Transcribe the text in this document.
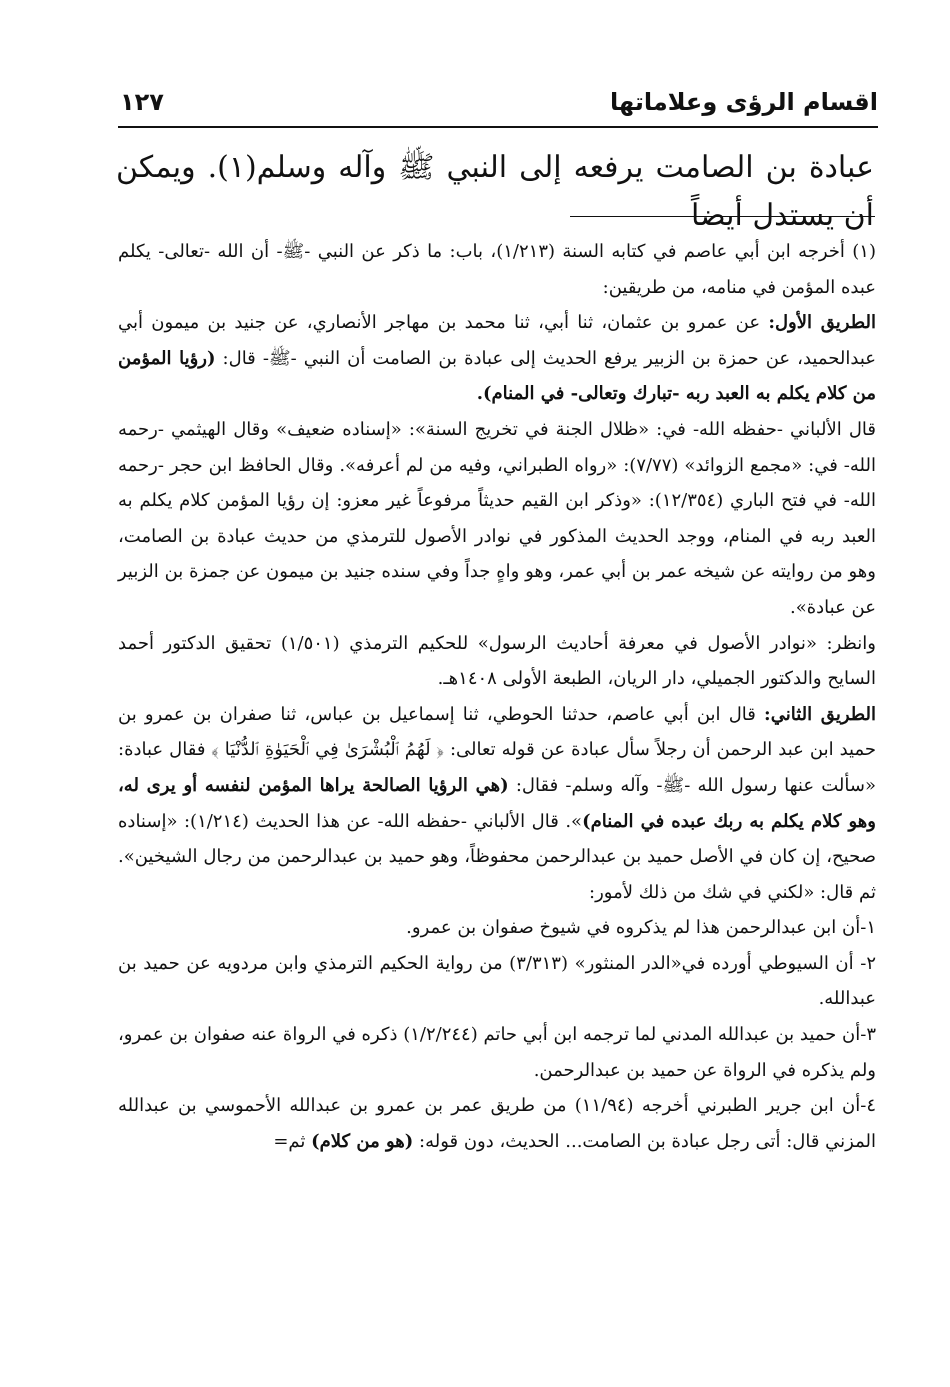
اقسام الرؤى وعلاماتها
١٢٧
عبادة بن الصامت يرفعه إلى النبي ﷺ وآله وسلم(١). ويمكن أن يستدل أيضاً

(١) أخرجه ابن أبي عاصم في كتابه السنة (١/٢١٣)، باب: ما ذكر عن النبي -ﷺ- أن الله -تعالى- يكلم عبده المؤمن في منامه، من طريقين:

الطريق الأول: عن عمرو بن عثمان، ثنا أبي، ثنا محمد بن مهاجر الأنصاري، عن جنيد بن ميمون أبي عبدالحميد، عن حمزة بن الزبير يرفع الحديث إلى عبادة بن الصامت أن النبي -ﷺ- قال: (رؤيا المؤمن من كلام يكلم به العبد ربه -تبارك وتعالى- في المنام).

قال الألباني -حفظه الله- في: «ظلال الجنة في تخريج السنة»: «إسناده ضعيف» وقال الهيثمي -رحمه الله- في: «مجمع الزوائد» (٧/٧٧): «رواه الطبراني، وفيه من لم أعرفه». وقال الحافظ ابن حجر -رحمه الله- في فتح الباري (١٢/٣٥٤): «وذكر ابن القيم حديثاً مرفوعاً غير معزو: إن رؤيا المؤمن كلام يكلم به العبد ربه في المنام، ووجد الحديث المذكور في نوادر الأصول للترمذي من حديث عبادة بن الصامت، وهو من روايته عن شيخه عمر بن أبي عمر، وهو واهٍ جداً وفي سنده جنيد بن ميمون عن جمزة بن الزبير عن عبادة».

وانظر: «نوادر الأصول في معرفة أحاديث الرسول» للحكيم الترمذي (١/٥٠١) تحقيق الدكتور أحمد السايح والدكتور الجميلي، دار الريان، الطبعة الأولى ١٤٠٨هـ.

الطريق الثاني: قال ابن أبي عاصم، حدثنا الحوطي، ثنا إسماعيل بن عباس، ثنا صفران بن عمرو بن حميد ابن عبد الرحمن أن رجلاً سأل عبادة عن قوله تعالى: ﴿ لَهُمُ ٱلْبُشْرَىٰ فِي ٱلْحَيَوٰةِ ٱلدُّنْيَا ﴾ فقال عبادة: «سألت عنها رسول الله -ﷺ- وآله وسلم- فقال: (هي الرؤيا الصالحة يراها المؤمن لنفسه أو يرى له، وهو كلام يكلم به ربك عبده في المنام)». قال الألباني -حفظه الله- عن هذا الحديث (١/٢١٤): «إسناده صحيح، إن كان في الأصل حميد بن عبدالرحمن محفوظاً، وهو حميد بن عبدالرحمن من رجال الشيخين». ثم قال: «لكني في شك من ذلك لأمور:

١-أن ابن عبدالرحمن هذا لم يذكروه في شيوخ صفوان بن عمرو.

٢- أن السيوطي أورده في«الدر المنثور» (٣/٣١٣) من رواية الحكيم الترمذي وابن مردويه عن حميد بن عبدالله.

٣-أن حميد بن عبدالله المدني لما ترجمه ابن أبي حاتم (١/٢/٢٤٤) ذكره في الرواة عنه صفوان بن عمرو، ولم يذكره في الرواة عن حميد بن عبدالرحمن.

٤-أن ابن جرير الطبرني أخرجه (١١/٩٤) من طريق عمر بن عمرو بن عبدالله الأحموسي بن عبدالله المزني قال: أتى رجل عبادة بن الصامت... الحديث، دون قوله: (هو من كلام) ثم=
